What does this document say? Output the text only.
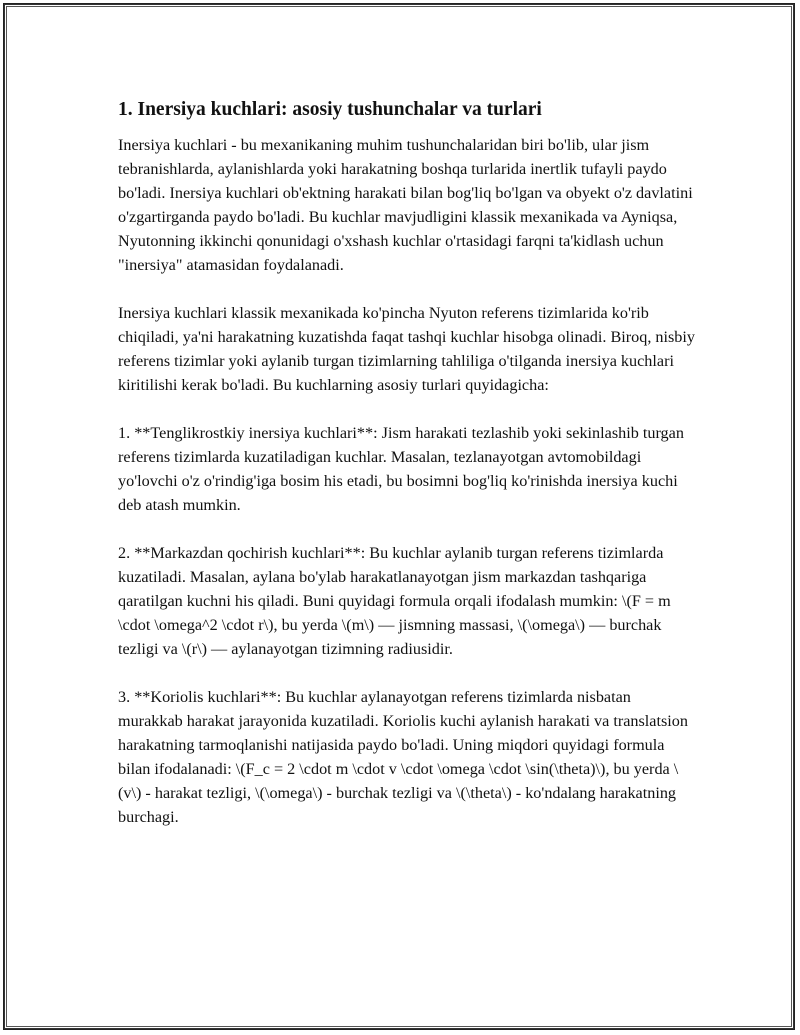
1. Inersiya kuchlari: asosiy tushunchalar va turlari

Inersiya kuchlari - bu mexanikaning muhim tushunchalaridan biri bo'lib, ular jism tebranishlarda, aylanishlarda yoki harakatning boshqa turlarida inertlik tufayli paydo bo'ladi. Inersiya kuchlari ob'ektning harakati bilan bog'liq bo'lgan va obyekt o'z davlatini o'zgartirganda paydo bo'ladi. Bu kuchlar mavjudligini klassik mexanikada va Ayniqsa, Nyutonning ikkinchi qonunidagi o'xshash kuchlar o'rtasidagi farqni ta'kidlash uchun "inersiya" atamasidan foydalanadi.

Inersiya kuchlari klassik mexanikada ko'pincha Nyuton referens tizimlarida ko'rib chiqiladi, ya'ni harakatning kuzatishda faqat tashqi kuchlar hisobga olinadi. Biroq, nisbiy referens tizimlar yoki aylanib turgan tizimlarning tahliliga o'tilganda inersiya kuchlari kiritilishi kerak bo'ladi. Bu kuchlarning asosiy turlari quyidagicha:

1. **Tenglikrostkiy inersiya kuchlari**: Jism harakati tezlashib yoki sekinlashib turgan referens tizimlarda kuzatiladigan kuchlar. Masalan, tezlanayotgan avtomobildagi yo'lovchi o'z o'rindig'iga bosim his etadi, bu bosimni bog'liq ko'rinishda inersiya kuchi deb atash mumkin.

2. **Markazdan qochirish kuchlari**: Bu kuchlar aylanib turgan referens tizimlarda kuzatiladi. Masalan, aylana bo'ylab harakatlanayotgan jism markazdan tashqariga qaratilgan kuchni his qiladi. Buni quyidagi formula orqali ifodalash mumkin: \(F = m \cdot \omega^2 \cdot r\), bu yerda \(m\) — jismning massasi, \(\omega\) — burchak tezligi va \(r\) — aylanayotgan tizimning radiusidir.

3. **Koriolis kuchlari**: Bu kuchlar aylanayotgan referens tizimlarda nisbatan murakkab harakat jarayonida kuzatiladi. Koriolis kuchi aylanish harakati va translatsion harakatning tarmoqlanishi natijasida paydo bo'ladi. Uning miqdori quyidagi formula bilan ifodalanadi: \(F_c = 2 \cdot m \cdot v \cdot \omega \cdot \sin(\theta)\), bu yerda \(v\) - harakat tezligi, \(\omega\) - burchak tezligi va \(\theta\) - ko'ndalang harakatning burchagi.
